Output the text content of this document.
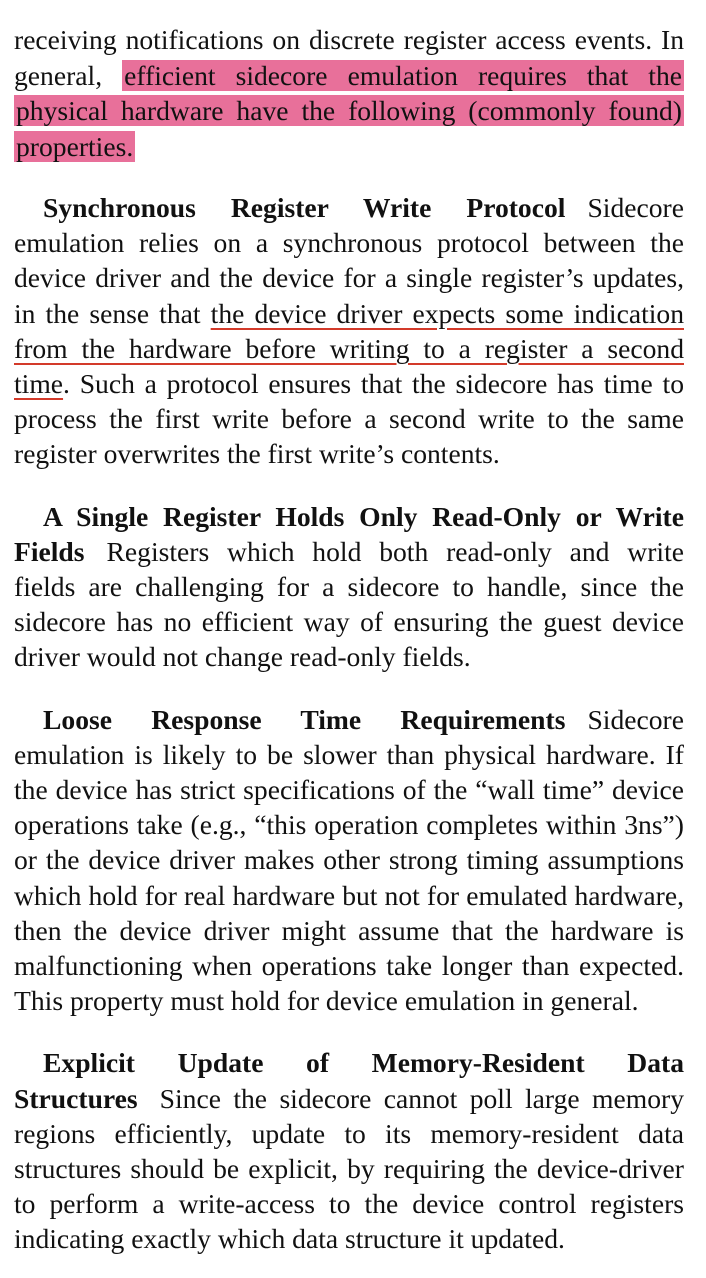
receiving notifications on discrete register access events. In general, efficient sidecore emulation requires that the physical hardware have the following (commonly found) properties.

Synchronous Register Write Protocol Sidecore emulation relies on a synchronous protocol between the device driver and the device for a single register’s updates, in the sense that the device driver expects some indication from the hardware before writing to a register a second time. Such a protocol ensures that the sidecore has time to process the first write before a second write to the same register overwrites the first write’s contents.

A Single Register Holds Only Read-Only or Write Fields Registers which hold both read-only and write fields are challenging for a sidecore to handle, since the sidecore has no efficient way of ensuring the guest device driver would not change read-only fields.

Loose Response Time Requirements Sidecore emulation is likely to be slower than physical hardware. If the device has strict specifications of the “wall time” device operations take (e.g., “this operation completes within 3ns”) or the device driver makes other strong timing assumptions which hold for real hardware but not for emulated hardware, then the device driver might assume that the hardware is malfunctioning when operations take longer than expected. This property must hold for device emulation in general.

Explicit Update of Memory-Resident Data Structures Since the sidecore cannot poll large memory regions efficiently, update to its memory-resident data structures should be explicit, by requiring the device-driver to perform a write-access to the device control registers indicating exactly which data structure it updated.
